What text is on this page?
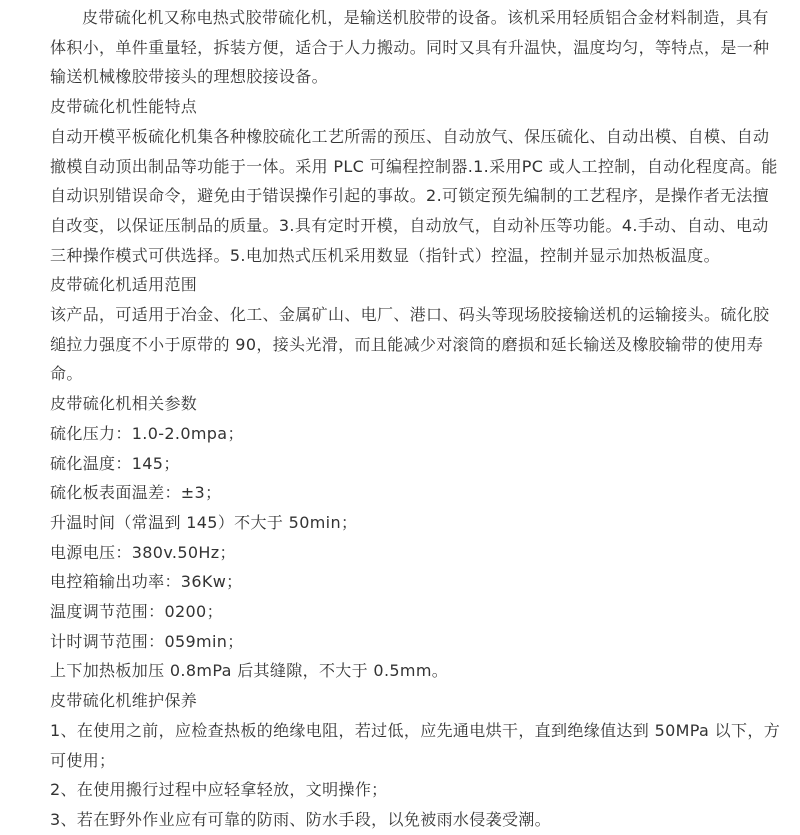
皮带硫化机又称电热式胶带硫化机，是输送机胶带的设备。该机采用轻质铝合金材料制造，具有体积小，单件重量轻，拆装方便，适合于人力搬动。同时又具有升温快，温度均匀，等特点，是一种输送机械橡胶带接头的理想胶接设备。

皮带硫化机性能特点

自动开模平板硫化机集各种橡胶硫化工艺所需的预压、自动放气、保压硫化、自动出模、自模、自动撤模自动顶出制品等功能于一体。采用 PLC 可编程控制器.1.采用PC 或人工控制，自动化程度高。能自动识别错误命令，避免由于错误操作引起的事故。2.可锁定预先编制的工艺程序，是操作者无法擅自改变，以保证压制品的质量。3.具有定时开模，自动放气，自动补压等功能。4.手动、自动、电动三种操作模式可供选择。5.电加热式压机采用数显（指针式）控温，控制并显示加热板温度。

皮带硫化机适用范围

该产品，可适用于冶金、化工、金属矿山、电厂、港口、码头等现场胶接输送机的运输接头。硫化胶缒拉力强度不小于原带的 90，接头光滑，而且能减少对滚筒的磨损和延长输送及橡胶输带的使用寿命。

皮带硫化机相关参数

硫化压力：1.0-2.0mpa；

硫化温度：145；

硫化板表面温差：±3；

升温时间（常温到 145）不大于 50min；

电源电压：380v.50Hz；

电控箱输出功率：36Kw；

温度调节范围：0200；

计时调节范围：059min；

上下加热板加压 0.8mPa 后其缝隙，不大于 0.5mm。

皮带硫化机维护保养

1、在使用之前，应检查热板的绝缘电阻，若过低，应先通电烘干，直到绝缘值达到 50MPa 以下，方可使用；

2、在使用搬行过程中应轻拿轻放，文明操作；

3、若在野外作业应有可靠的防雨、防水手段，以免被雨水侵袭受潮。
